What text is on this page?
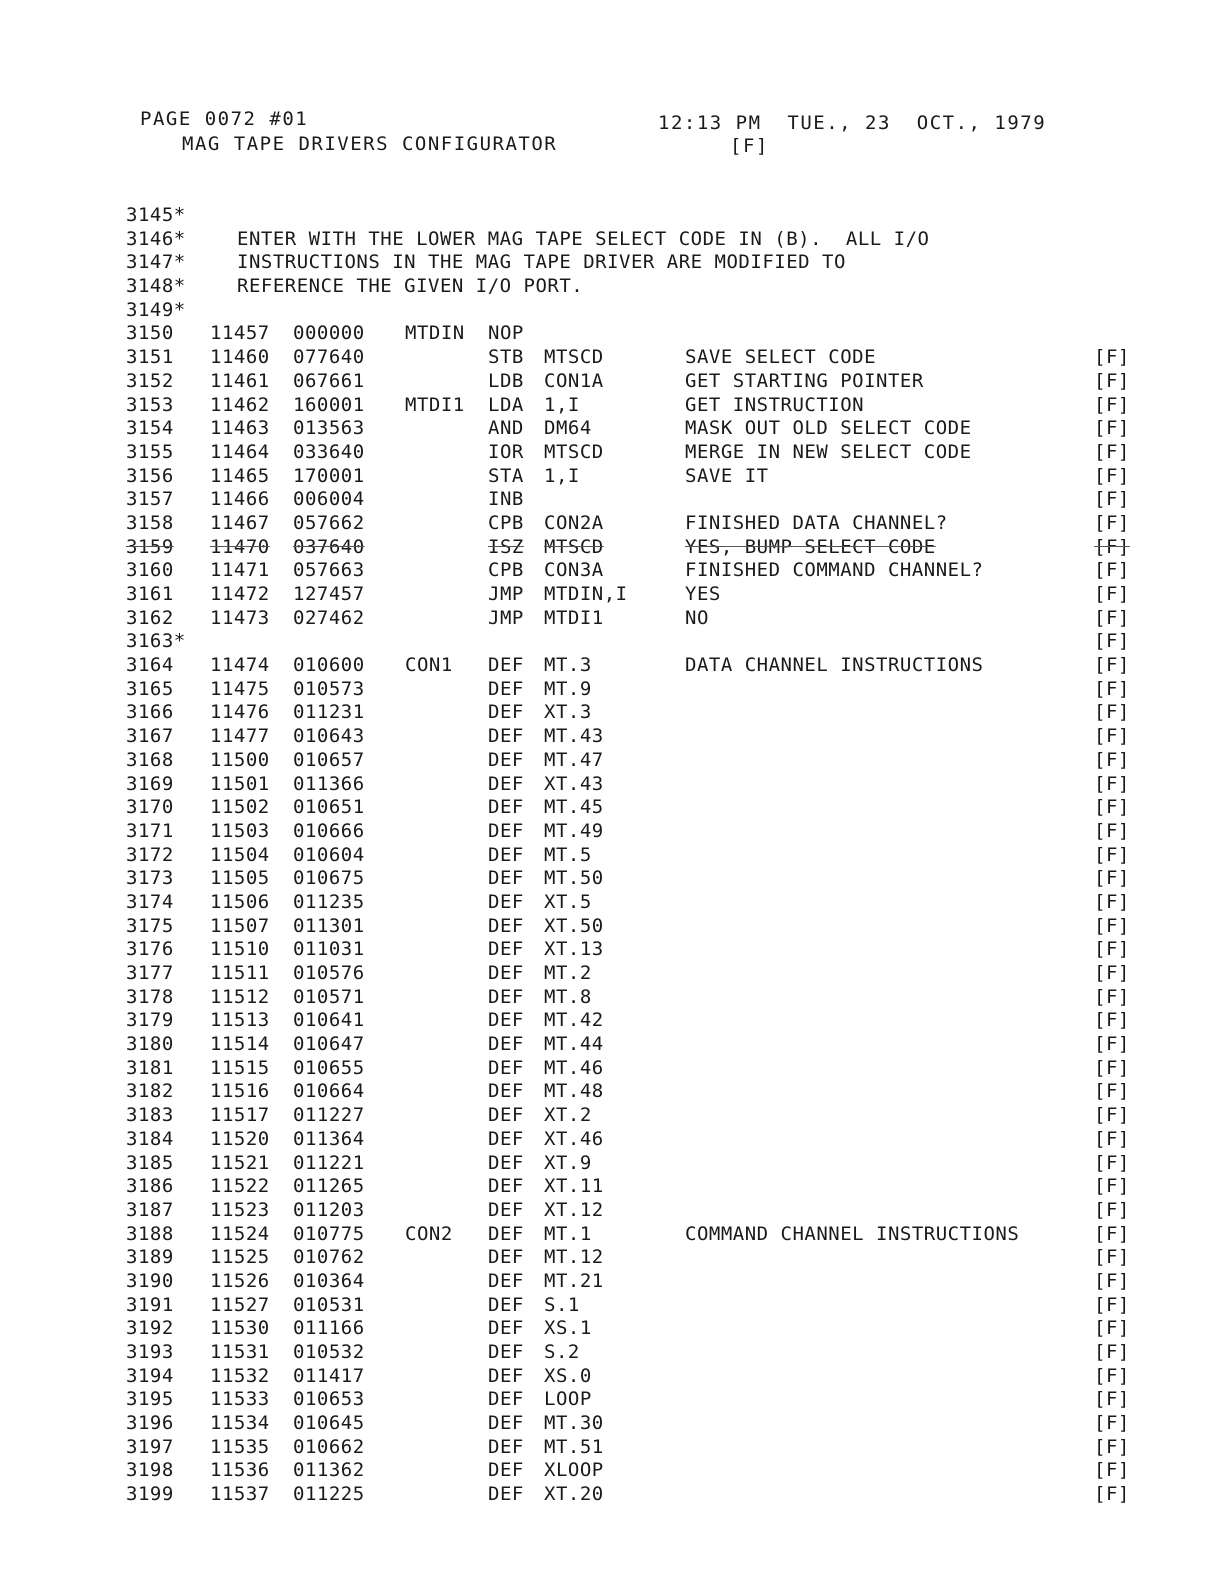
PAGE 0072 #01	12:13 PM  TUE., 23  OCT., 1979
MAG TAPE DRIVERS CONFIGURATOR	[F]
3145*
3146*	ENTER WITH THE LOWER MAG TAPE SELECT CODE IN (B).  ALL I/O
3147*	INSTRUCTIONS IN THE MAG TAPE DRIVER ARE MODIFIED TO
3148*	REFERENCE THE GIVEN I/O PORT.
3149*
3150 11457 000000 MTDIN NOP
3151 11460 077640	STB MTSCD	SAVE SELECT CODE	[F]
3152 11461 067661	LDB CON1A	GET STARTING POINTER	[F]
3153 11462 160001 MTDI1 LDA 1,I	GET INSTRUCTION	[F]
3154 11463 013563	AND DM64	MASK OUT OLD SELECT CODE	[F]
3155 11464 033640	IOR MTSCD	MERGE IN NEW SELECT CODE	[F]
3156 11465 170001	STA 1,I	SAVE IT	[F]
3157 11466 006004	INB	[F]
3158 11467 057662	CPB CON2A	FINISHED DATA CHANNEL?	[F]
3159 11470 037640	ISZ MTSCD	YES, BUMP SELECT CODE	[F]
3160 11471 057663	CPB CON3A	FINISHED COMMAND CHANNEL?	[F]
3161 11472 127457	JMP MTDIN,I	YES	[F]
3162 11473 027462	JMP MTDI1	NO	[F]
3163*	[F]
3164 11474 010600 CON1 DEF MT.3	DATA CHANNEL INSTRUCTIONS	[F]
3165 11475 010573	DEF MT.9	[F]
3166 11476 011231	DEF XT.3	[F]
3167 11477 010643	DEF MT.43	[F]
3168 11500 010657	DEF MT.47	[F]
3169 11501 011366	DEF XT.43	[F]
3170 11502 010651	DEF MT.45	[F]
3171 11503 010666	DEF MT.49	[F]
3172 11504 010604	DEF MT.5	[F]
3173 11505 010675	DEF MT.50	[F]
3174 11506 011235	DEF XT.5	[F]
3175 11507 011301	DEF XT.50	[F]
3176 11510 011031	DEF XT.13	[F]
3177 11511 010576	DEF MT.2	[F]
3178 11512 010571	DEF MT.8	[F]
3179 11513 010641	DEF MT.42	[F]
3180 11514 010647	DEF MT.44	[F]
3181 11515 010655	DEF MT.46	[F]
3182 11516 010664	DEF MT.48	[F]
3183 11517 011227	DEF XT.2	[F]
3184 11520 011364	DEF XT.46	[F]
3185 11521 011221	DEF XT.9	[F]
3186 11522 011265	DEF XT.11	[F]
3187 11523 011203	DEF XT.12	[F]
3188 11524 010775 CON2 DEF MT.1	COMMAND CHANNEL INSTRUCTIONS	[F]
3189 11525 010762	DEF MT.12	[F]
3190 11526 010364	DEF MT.21	[F]
3191 11527 010531	DEF S.1	[F]
3192 11530 011166	DEF XS.1	[F]
3193 11531 010532	DEF S.2	[F]
3194 11532 011417	DEF XS.0	[F]
3195 11533 010653	DEF LOOP	[F]
3196 11534 010645	DEF MT.30	[F]
3197 11535 010662	DEF MT.51	[F]
3198 11536 011362	DEF XLOOP	[F]
3199 11537 011225	DEF XT.20	[F]
